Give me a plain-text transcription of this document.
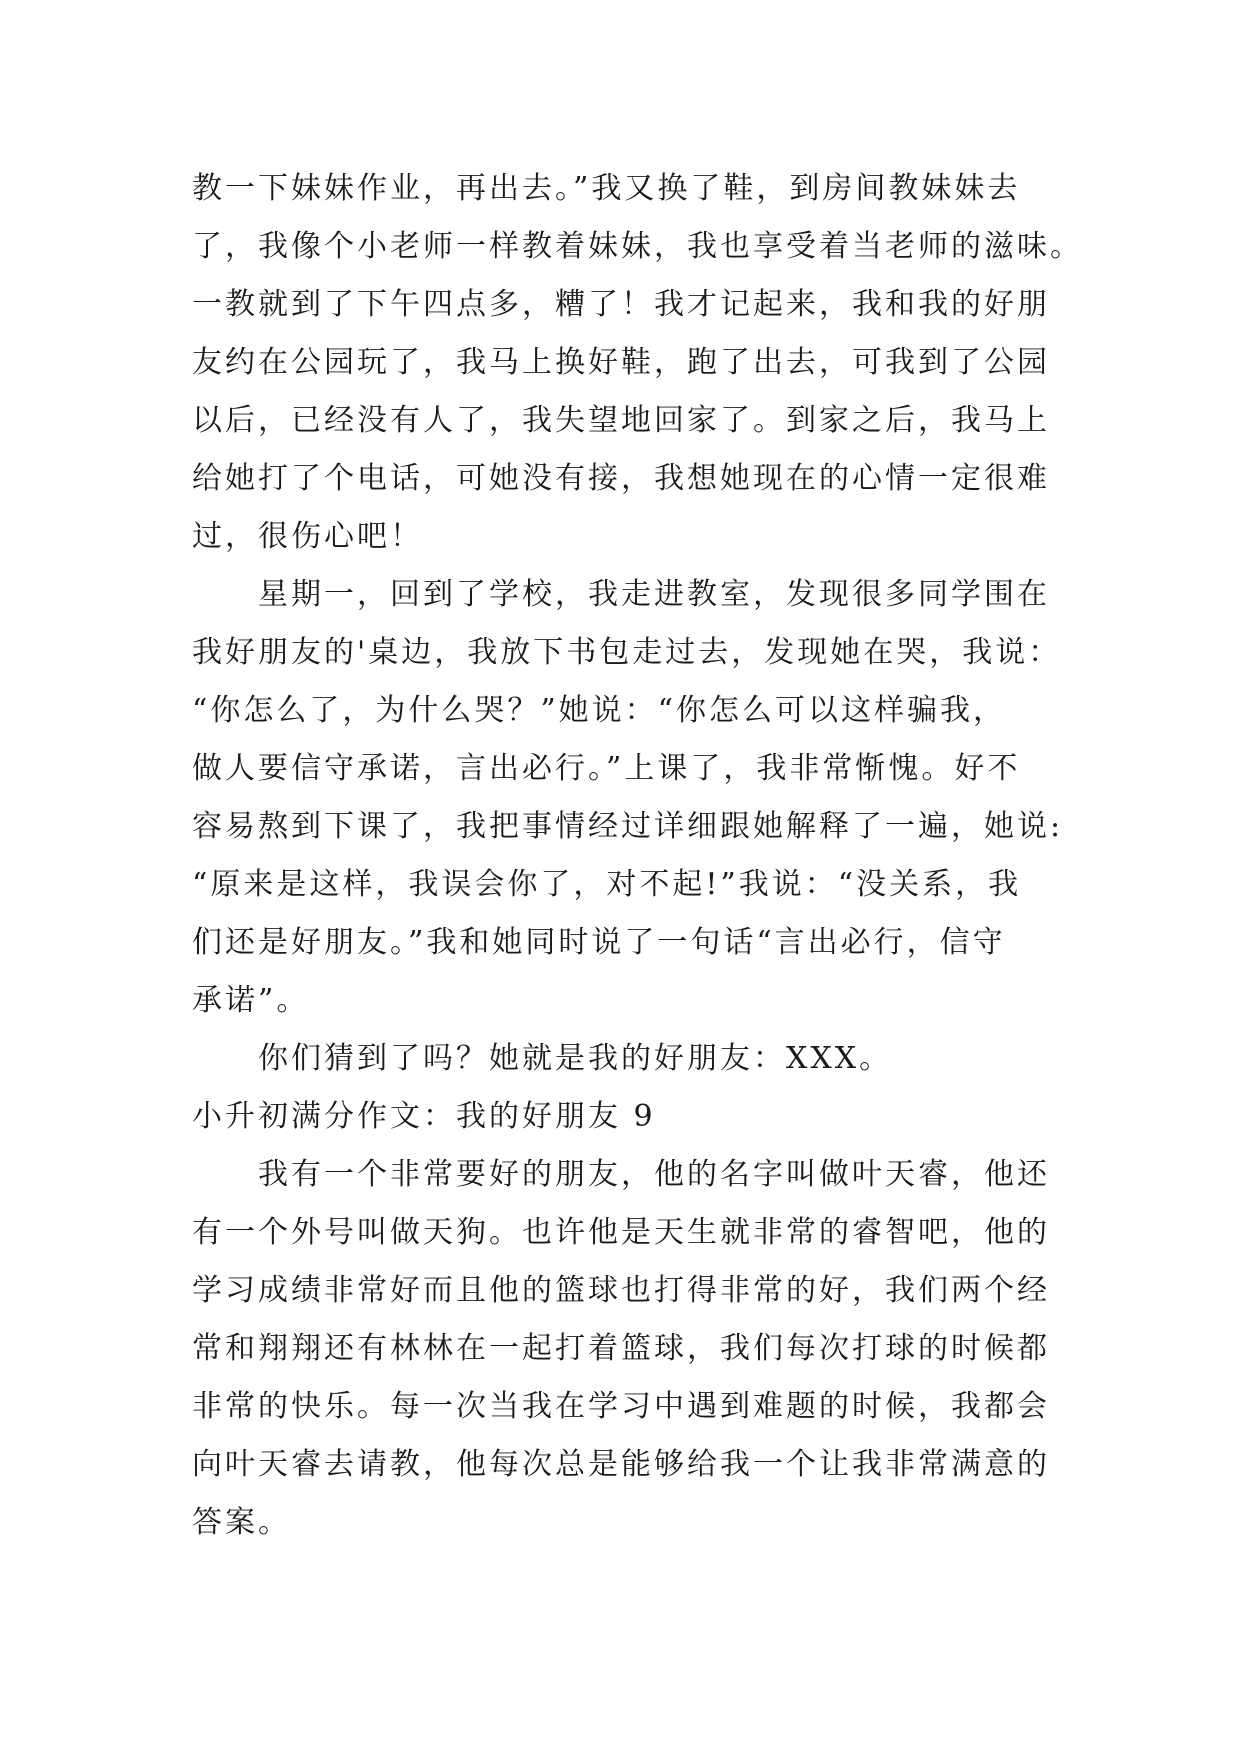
教一下妹妹作业，再出去。”我又换了鞋，到房间教妹妹去
了，我像个小老师一样教着妹妹，我也享受着当老师的滋味。
一教就到了下午四点多，糟了！我才记起来，我和我的好朋
友约在公园玩了，我马上换好鞋，跑了出去，可我到了公园
以后，已经没有人了，我失望地回家了。到家之后，我马上
给她打了个电话，可她没有接，我想她现在的心情一定很难
过，很伤心吧！
星期一，回到了学校，我走进教室，发现很多同学围在
我好朋友的'桌边，我放下书包走过去，发现她在哭，我说：
“你怎么了，为什么哭？”她说：“你怎么可以这样骗我，
做人要信守承诺，言出必行。”上课了，我非常惭愧。好不
容易熬到下课了，我把事情经过详细跟她解释了一遍，她说:
“原来是这样，我误会你了，对不起!”我说：“没关系，我
们还是好朋友。”我和她同时说了一句话“言出必行，信守
承诺”。
你们猜到了吗？她就是我的好朋友：XXX。
小升初满分作文：我的好朋友 9
我有一个非常要好的朋友，他的名字叫做叶天睿，他还
有一个外号叫做天狗。也许他是天生就非常的睿智吧，他的
学习成绩非常好而且他的篮球也打得非常的好，我们两个经
常和翔翔还有林林在一起打着篮球，我们每次打球的时候都
非常的快乐。每一次当我在学习中遇到难题的时候，我都会
向叶天睿去请教，他每次总是能够给我一个让我非常满意的
答案。
